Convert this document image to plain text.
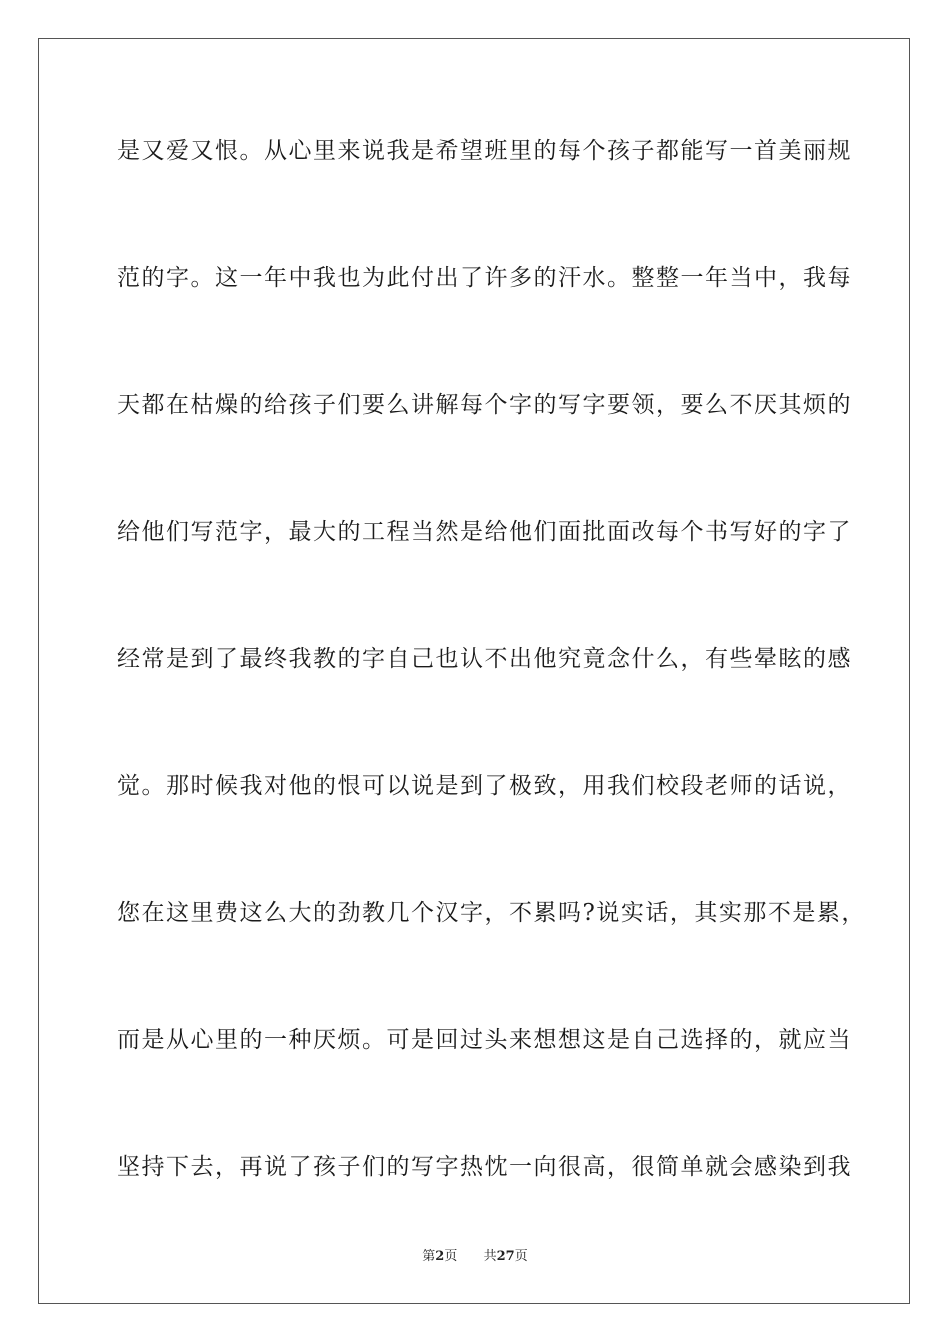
是又爱又恨。从心里来说我是希望班里的每个孩子都能写一首美丽规
范的字。这一年中我也为此付出了许多的汗水。整整一年当中，我每
天都在枯燥的给孩子们要么讲解每个字的写字要领，要么不厌其烦的
给他们写范字，最大的工程当然是给他们面批面改每个书写好的字了
经常是到了最终我教的字自己也认不出他究竟念什么，有些晕眩的感
觉。那时候我对他的恨可以说是到了极致，用我们校段老师的话说，
您在这里费这么大的劲教几个汉字，不累吗?说实话，其实那不是累，
而是从心里的一种厌烦。可是回过头来想想这是自己选择的，就应当
坚持下去，再说了孩子们的写字热忱一向很高，很简单就会感染到我
第2页 共27页
